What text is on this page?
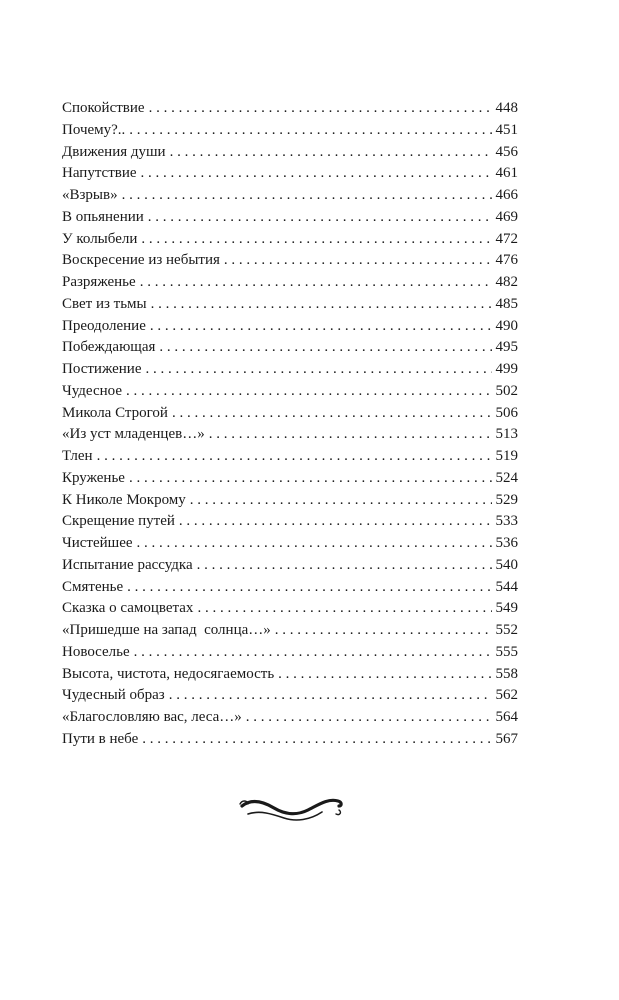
Спокойствие . . .	448
Почему?.. . . .	451
Движения души . . .	456
Напутствие . . .	461
«Взрыв» . . .	466
В опьянении . . .	469
У колыбели . . .	472
Воскресение из небытия . . .	476
Разряженье . . .	482
Свет из тьмы . . .	485
Преодоление . . .	490
Побеждающая . . .	495
Постижение . . .	499
Чудесное . . .	502
Микола Строгой . . .	506
«Из уст младенцев…» . . .	513
Тлен . . .	519
Круженье . . .	524
К Николе Мокрому . . .	529
Скрещение путей . . .	533
Чистейшее . . .	536
Испытание рассудка . . .	540
Смятенье . . .	544
Сказка о самоцветах . . .	549
«Пришедше на запад  солнца…» . . .	552
Новоселье . . .	555
Высота, чистота, недосягаемость . . .	558
Чудесный образ . . .	562
«Благословляю вас, леса…» . . .	564
Пути в небе . . .	567
